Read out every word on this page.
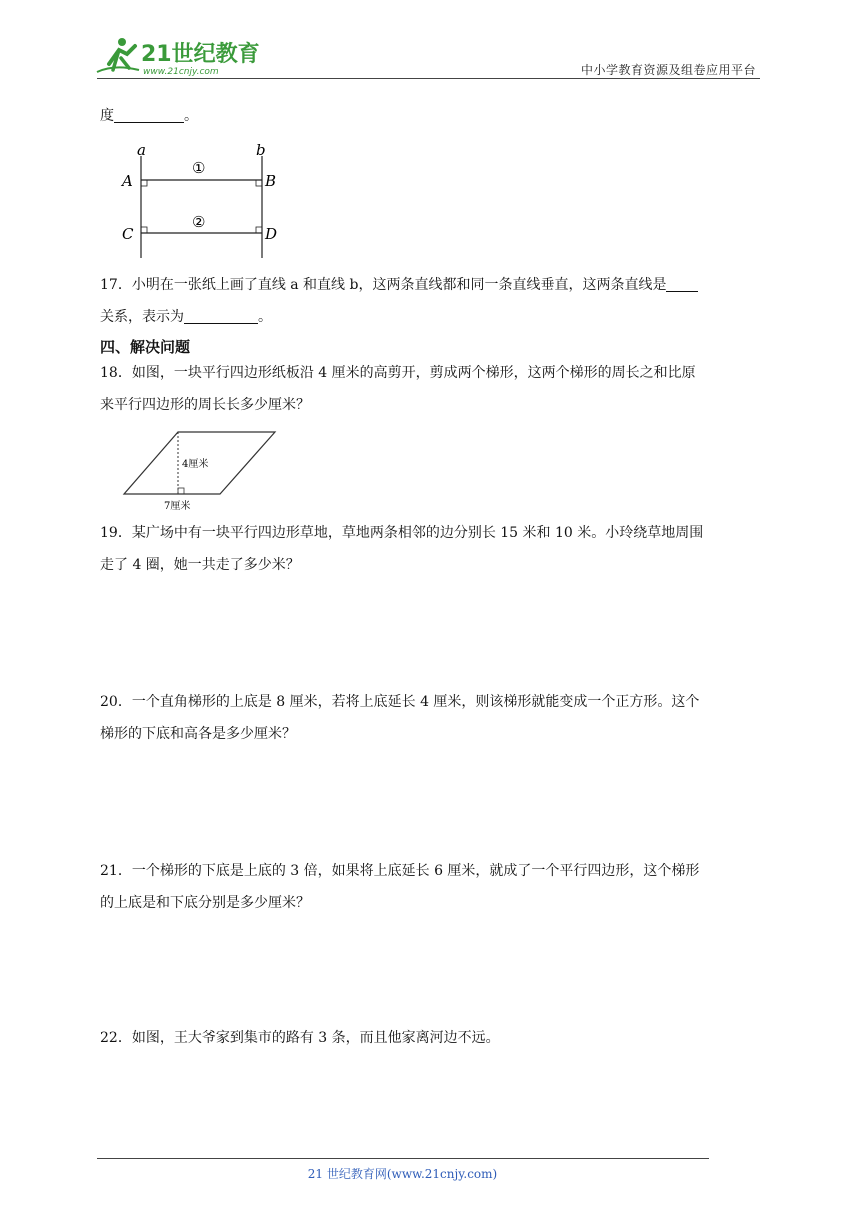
21世纪教育
www.21cnjy.com	中小学教育资源及组卷应用平台
度	。
a	b
A	B
C	D
①
②
17．小明在一张纸上画了直线 a 和直线 b，这两条直线都和同一条直线垂直，这两条直线是
关系，表示为	。
四、解决问题
18．如图，一块平行四边形纸板沿 4 厘米的高剪开，剪成两个梯形，这两个梯形的周长之和比原
来平行四边形的周长长多少厘米？
4厘米
7厘米
19．某广场中有一块平行四边形草地，草地两条相邻的边分别长 15 米和 10 米。小玲绕草地周围
走了 4 圈，她一共走了多少米？
20．一个直角梯形的上底是 8 厘米，若将上底延长 4 厘米，则该梯形就能变成一个正方形。这个
梯形的下底和高各是多少厘米？
21．一个梯形的下底是上底的 3 倍，如果将上底延长 6 厘米，就成了一个平行四边形，这个梯形
的上底是和下底分别是多少厘米？
22．如图，王大爷家到集市的路有 3 条，而且他家离河边不远。
21 世纪教育网(www.21cnjy.com)
